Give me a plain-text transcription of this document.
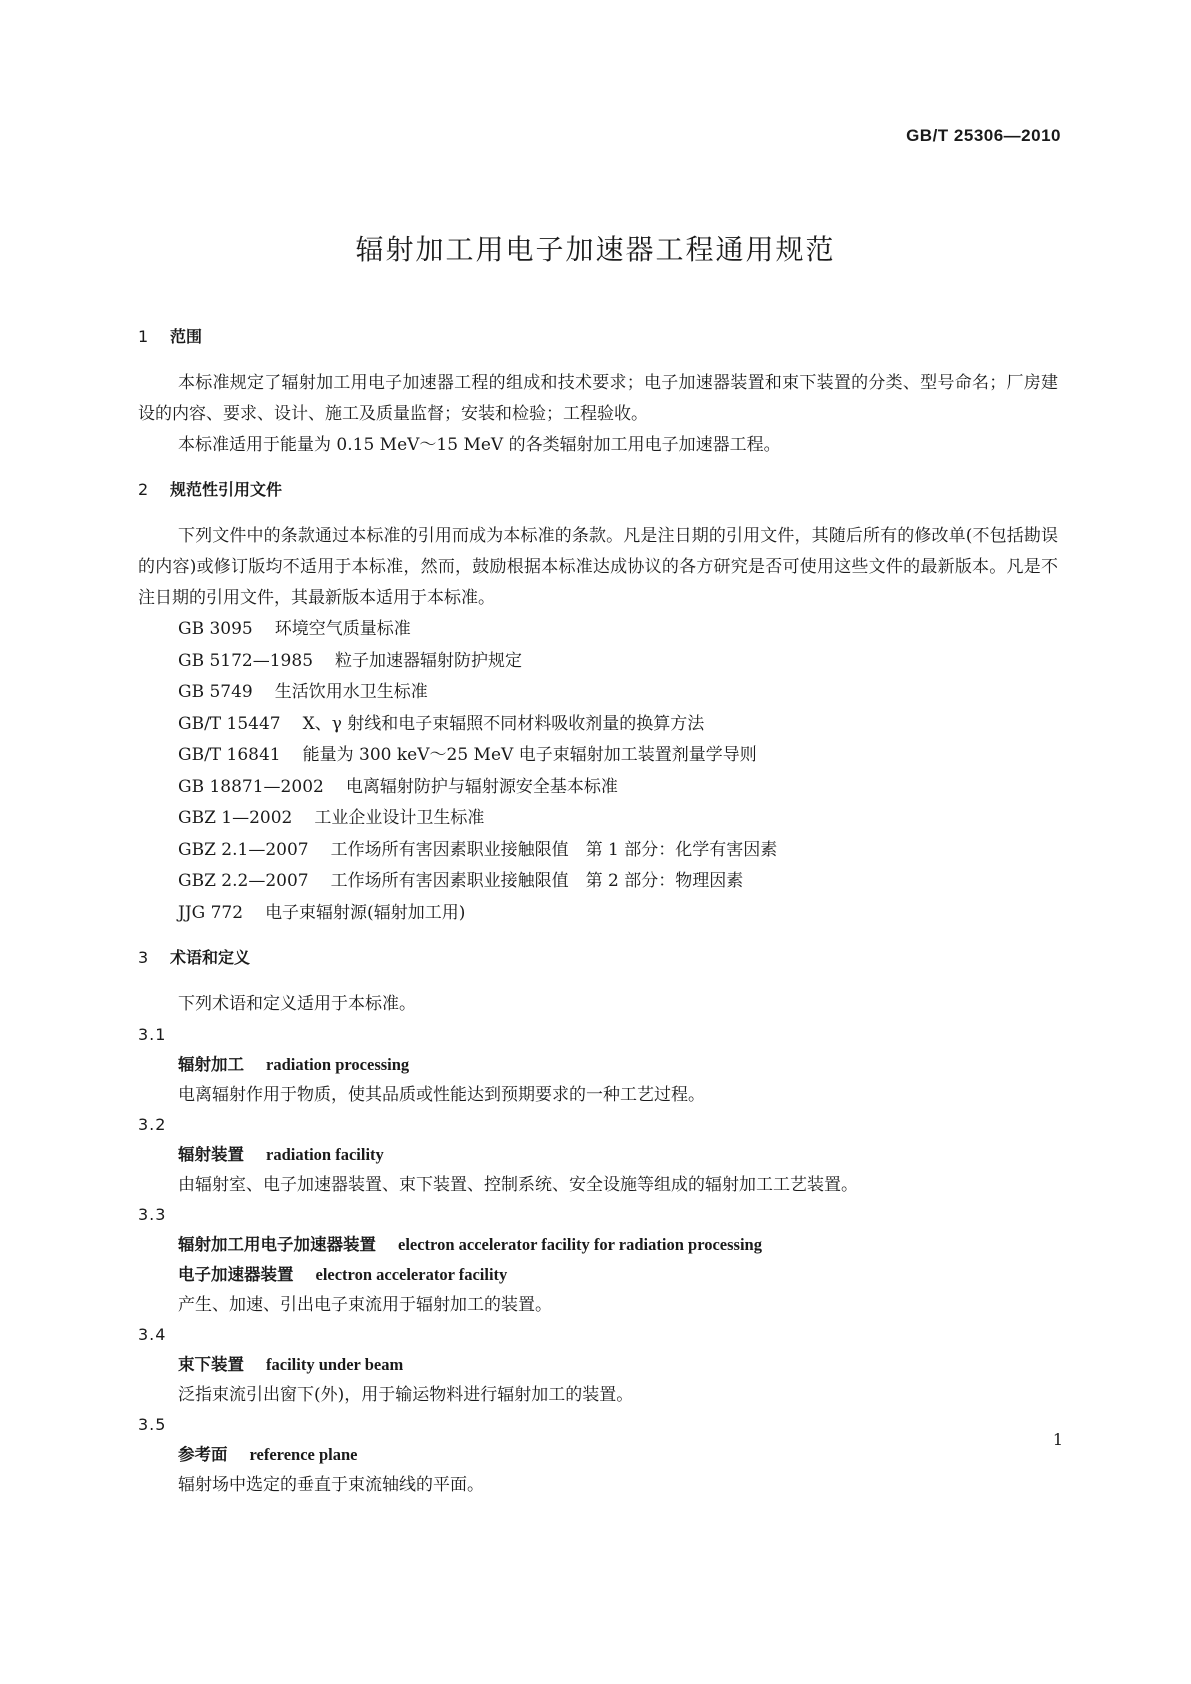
GB/T 25306—2010
辐射加工用电子加速器工程通用规范
1 范围

本标准规定了辐射加工用电子加速器工程的组成和技术要求；电子加速器装置和束下装置的分类、型号命名；厂房建设的内容、要求、设计、施工及质量监督；安装和检验；工程验收。

本标准适用于能量为 0.15 MeV～15 MeV 的各类辐射加工用电子加速器工程。

2 规范性引用文件

下列文件中的条款通过本标准的引用而成为本标准的条款。凡是注日期的引用文件，其随后所有的修改单(不包括勘误的内容)或修订版均不适用于本标准，然而，鼓励根据本标准达成协议的各方研究是否可使用这些文件的最新版本。凡是不注日期的引用文件，其最新版本适用于本标准。

GB 3095 环境空气质量标准
GB 5172—1985 粒子加速器辐射防护规定
GB 5749 生活饮用水卫生标准
GB/T 15447 X、γ 射线和电子束辐照不同材料吸收剂量的换算方法
GB/T 16841 能量为 300 keV～25 MeV 电子束辐射加工装置剂量学导则
GB 18871—2002 电离辐射防护与辐射源安全基本标准
GBZ 1—2002 工业企业设计卫生标准
GBZ 2.1—2007 工作场所有害因素职业接触限值　第 1 部分：化学有害因素
GBZ 2.2—2007 工作场所有害因素职业接触限值　第 2 部分：物理因素
JJG 772 电子束辐射源(辐射加工用)
3 术语和定义

下列术语和定义适用于本标准。

3.1
辐射加工 radiation processing
电离辐射作用于物质，使其品质或性能达到预期要求的一种工艺过程。
3.2
辐射装置 radiation facility
由辐射室、电子加速器装置、束下装置、控制系统、安全设施等组成的辐射加工工艺装置。
3.3
辐射加工用电子加速器装置 electron accelerator facility for radiation processing
电子加速器装置 electron accelerator facility
产生、加速、引出电子束流用于辐射加工的装置。
3.4
束下装置 facility under beam
泛指束流引出窗下(外)，用于输运物料进行辐射加工的装置。
3.5
参考面 reference plane
辐射场中选定的垂直于束流轴线的平面。
1
